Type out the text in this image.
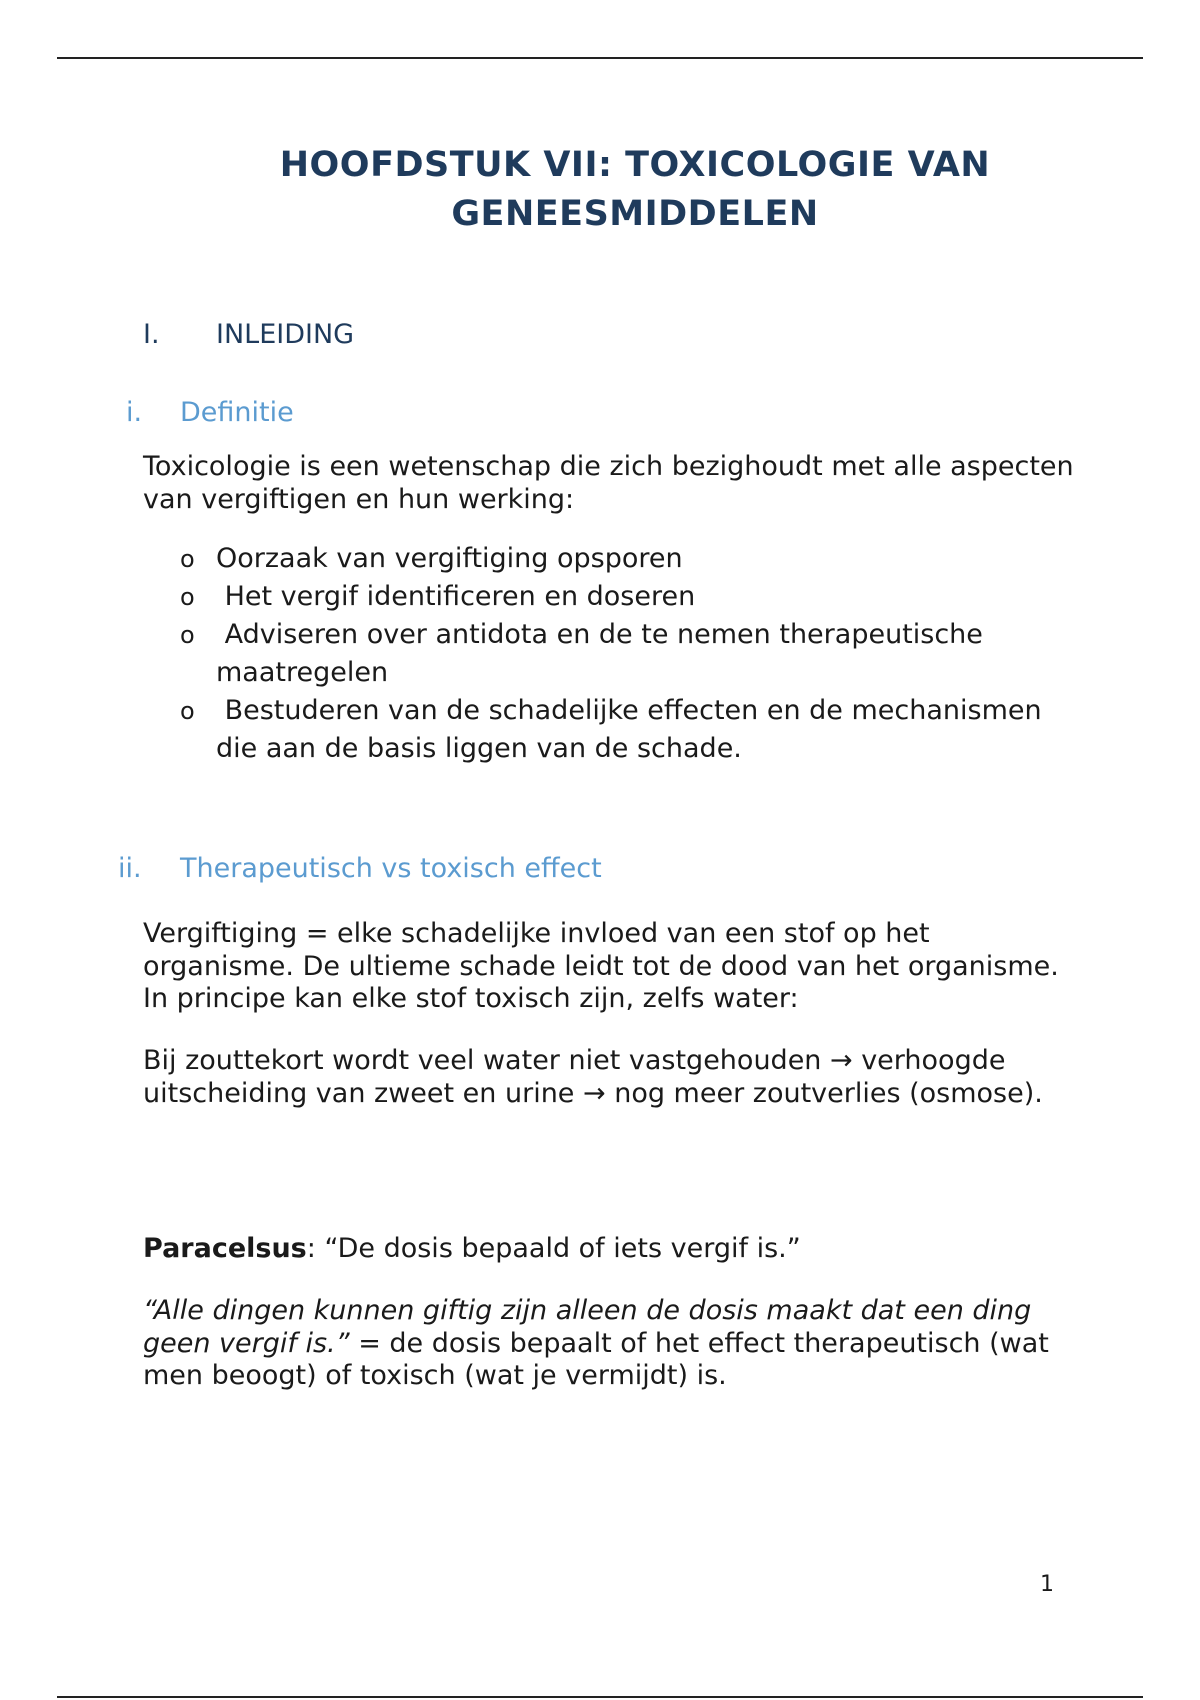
HOOFDSTUK VII: TOXICOLOGIE VAN
GENEESMIDDELEN
I. INLEIDING
i. Definitie

Toxicologie is een wetenschap die zich bezighoudt met alle aspecten van vergiftigen en hun werking:

o Oorzaak van vergiftiging opsporen
o Het vergif identificeren en doseren
o Adviseren over antidota en de te nemen therapeutische maatregelen
o Bestuderen van de schadelijke effecten en de mechanismen die aan de basis liggen van de schade.
ii. Therapeutisch vs toxisch effect

Vergiftiging = elke schadelijke invloed van een stof op het organisme. De ultieme schade leidt tot de dood van het organisme. In principe kan elke stof toxisch zijn, zelfs water:

Bij zouttekort wordt veel water niet vastgehouden → verhoogde uitscheiding van zweet en urine → nog meer zoutverlies (osmose).

Paracelsus: “De dosis bepaald of iets vergif is.”

“Alle dingen kunnen giftig zijn alleen de dosis maakt dat een ding geen vergif is.” = de dosis bepaalt of het effect therapeutisch (wat men beoogt) of toxisch (wat je vermijdt) is.

1
